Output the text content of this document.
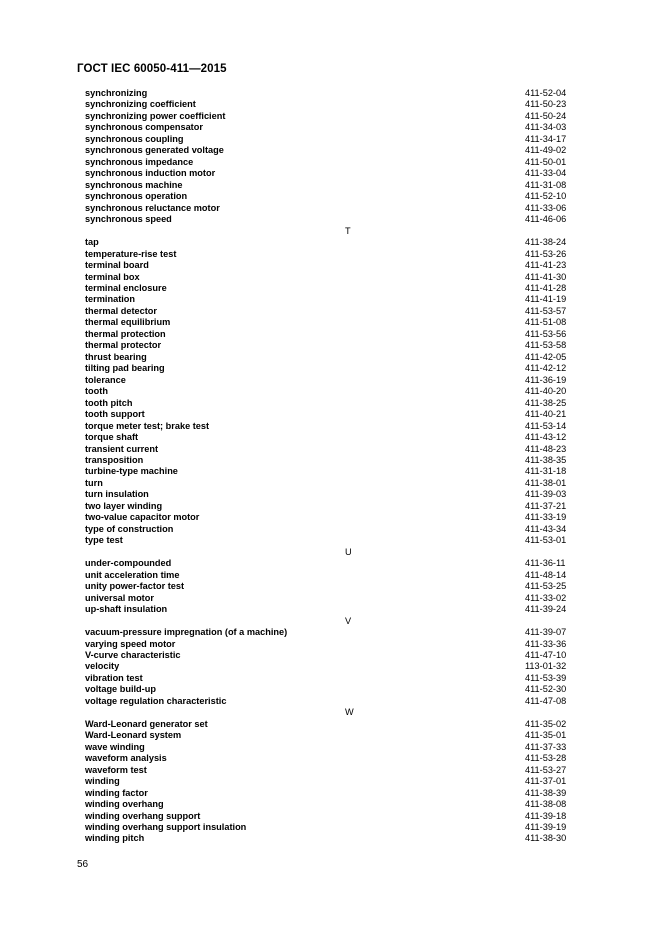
ГОСТ IEC 60050-411—2015
synchronizing	411-52-04
synchronizing coefficient	411-50-23
synchronizing power coefficient	411-50-24
synchronous compensator	411-34-03
synchronous coupling	411-34-17
synchronous generated voltage	411-49-02
synchronous impedance	411-50-01
synchronous induction motor	411-33-04
synchronous machine	411-31-08
synchronous operation	411-52-10
synchronous reluctance motor	411-33-06
synchronous speed	411-46-06
T
tap	411-38-24
temperature-rise test	411-53-26
terminal board	411-41-23
terminal box	411-41-30
terminal enclosure	411-41-28
termination	411-41-19
thermal detector	411-53-57
thermal equilibrium	411-51-08
thermal protection	411-53-56
thermal protector	411-53-58
thrust bearing	411-42-05
tilting pad bearing	411-42-12
tolerance	411-36-19
tooth	411-40-20
tooth pitch	411-38-25
tooth support	411-40-21
torque meter test; brake test	411-53-14
torque shaft	411-43-12
transient current	411-48-23
transposition	411-38-35
turbine-type machine	411-31-18
turn	411-38-01
turn insulation	411-39-03
two layer winding	411-37-21
two-value capacitor motor	411-33-19
type of construction	411-43-34
type test	411-53-01
U
under-compounded	411-36-11
unit acceleration time	411-48-14
unity power-factor test	411-53-25
universal motor	411-33-02
up-shaft insulation	411-39-24
V
vacuum-pressure impregnation (of a machine)	411-39-07
varying speed motor	411-33-36
V-curve characteristic	411-47-10
velocity	113-01-32
vibration test	411-53-39
voltage build-up	411-52-30
voltage regulation characteristic	411-47-08
W
Ward-Leonard generator set	411-35-02
Ward-Leonard system	411-35-01
wave winding	411-37-33
waveform analysis	411-53-28
waveform test	411-53-27
winding	411-37-01
winding factor	411-38-39
winding overhang	411-38-08
winding overhang support	411-39-18
winding overhang support insulation	411-39-19
winding pitch	411-38-30
56
